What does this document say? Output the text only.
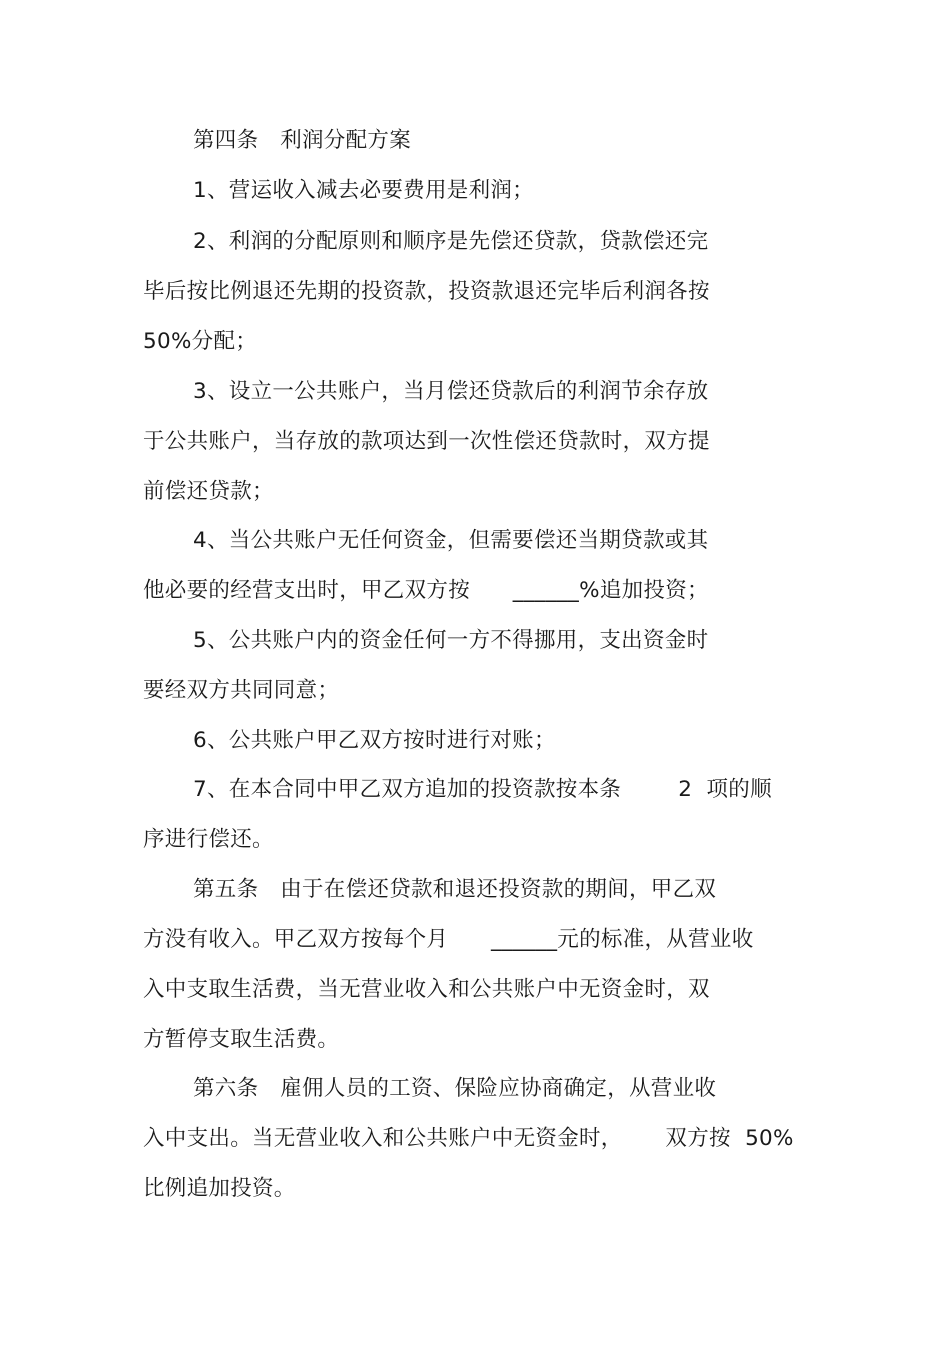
第四条　利润分配方案
1、营运收入减去必要费用是利润；
2、利润的分配原则和顺序是先偿还贷款，贷款偿还完
毕后按比例退还先期的投资款，投资款退还完毕后利润各按
50%分配；
3、设立一公共账户，当月偿还贷款后的利润节余存放
于公共账户，当存放的款项达到一次性偿还贷款时，双方提
前偿还贷款；
4、当公共账户无任何资金，但需要偿还当期贷款或其
他必要的经营支出时，甲乙双方按      ______%追加投资；
5、公共账户内的资金任何一方不得挪用，支出资金时
要经双方共同同意；
6、公共账户甲乙双方按时进行对账；
7、在本合同中甲乙双方追加的投资款按本条        2  项的顺
序进行偿还。
第五条　由于在偿还贷款和退还投资款的期间，甲乙双
方没有收入。甲乙双方按每个月      ______元的标准，从营业收
入中支取生活费，当无营业收入和公共账户中无资金时，双
方暂停支取生活费。
第六条　雇佣人员的工资、保险应协商确定，从营业收
入中支出。当无营业收入和公共账户中无资金时，      双方按  50%
比例追加投资。
